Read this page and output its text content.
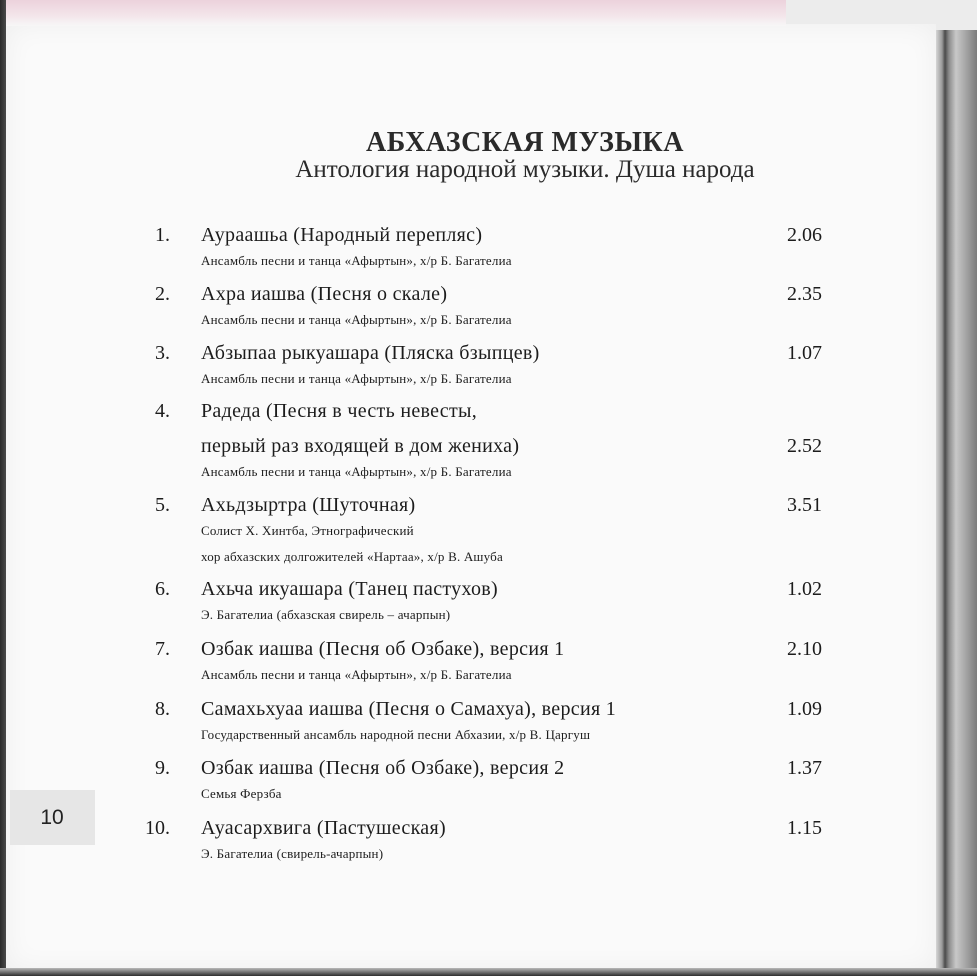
10
АБХАЗСКАЯ МУЗЫКА
Антология народной музыки. Душа народа
1. Аураашьа (Народный перепляс)
Ансамбль песни и танца «Афыртын», х/р Б. Багателиа
2.06
2. Ахра иашва (Песня о скале)
Ансамбль песни и танца «Афыртын», х/р Б. Багателиа
2.35
3. Абзыпаа рыкуашара (Пляска бзыпцев)
Ансамбль песни и танца «Афыртын», х/р Б. Багателиа
1.07
4. Радеда (Песня в честь невесты,
первый раз входящей в дом жениха)
Ансамбль песни и танца «Афыртын», х/р Б. Багателиа
2.52
5. Ахьдзыртра (Шуточная)
Солист Х. Хинтба, Этнографический
хор абхазских долгожителей «Нартаа», х/р В. Ашуба
3.51
6. Ахьча икуашара (Танец пастухов)
Э. Багателиа (абхазская свирель – ачарпын)
1.02
7. Озбак иашва (Песня об Озбаке), версия 1
Ансамбль песни и танца «Афыртын», х/р Б. Багателиа
2.10
8. Самахьхуаа иашва (Песня о Самахуа), версия 1
Государственный ансамбль народной песни Абхазии, х/р В. Царгуш
1.09
9. Озбак иашва (Песня об Озбаке), версия 2
Семья Ферзба
1.37
10. Ауасархвига (Пастушеская)
Э. Багателиа (свирель-ачарпын)
1.15
